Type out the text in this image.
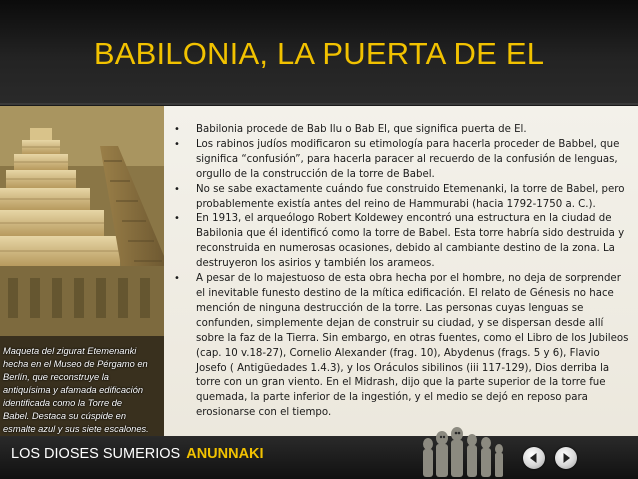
BABILONIA, LA PUERTA DE EL

Maqueta del zigurat Etemenanki

hecha en el Museo de Pérgamo en

Berlín, que reconstruye la

antiquísima y afamada edificación

identificada como la Torre de

Babel. Destaca su cúspide en

esmalte azul y sus siete escalones.

• Babilonia procede de Bab Ilu o Bab El, que significa puerta de El.
• Los rabinos judíos modificaron su etimología para hacerla proceder de Babbel, que significa “confusión”, para hacerla paracer al recuerdo de la confusión de lenguas, orgullo de la construcción de la torre de Babel.
• No se sabe exactamente cuándo fue construido Etemenanki, la torre de Babel, pero probablemente existía antes del reino de Hammurabi (hacia 1792-1750 a. C.).
• En 1913, el arqueólogo Robert Koldewey encontró una estructura en la ciudad de Babilonia que él identificó como la torre de Babel. Esta torre habría sido destruida y reconstruida en numerosas ocasiones, debido al cambiante destino de la zona. La destruyeron los asirios y también los arameos.
• A pesar de lo majestuoso de esta obra hecha por el hombre, no deja de sorprender el inevitable funesto destino de la mítica edificación. El relato de Génesis no hace mención de ninguna destrucción de la torre. Las personas cuyas lenguas se confunden, simplemente dejan de construir su ciudad, y se dispersan desde allí sobre la faz de la Tierra. Sin embargo, en otras fuentes, como el Libro de los Jubileos (cap. 10 v.18-27), Cornelio Alexander (frag. 10), Abydenus (frags. 5 y 6), Flavio Josefo ( Antigüedades 1.4.3), y los Oráculos sibilinos (iii 117-129), Dios derriba la torre con un gran viento. En el Midrash, dijo que la parte superior de la torre fue quemada, la parte inferior de la ingestión, y el medio se dejó en reposo para erosionarse con el tiempo.
LOS DIOSES SUMERIOS ANUNNAKI
